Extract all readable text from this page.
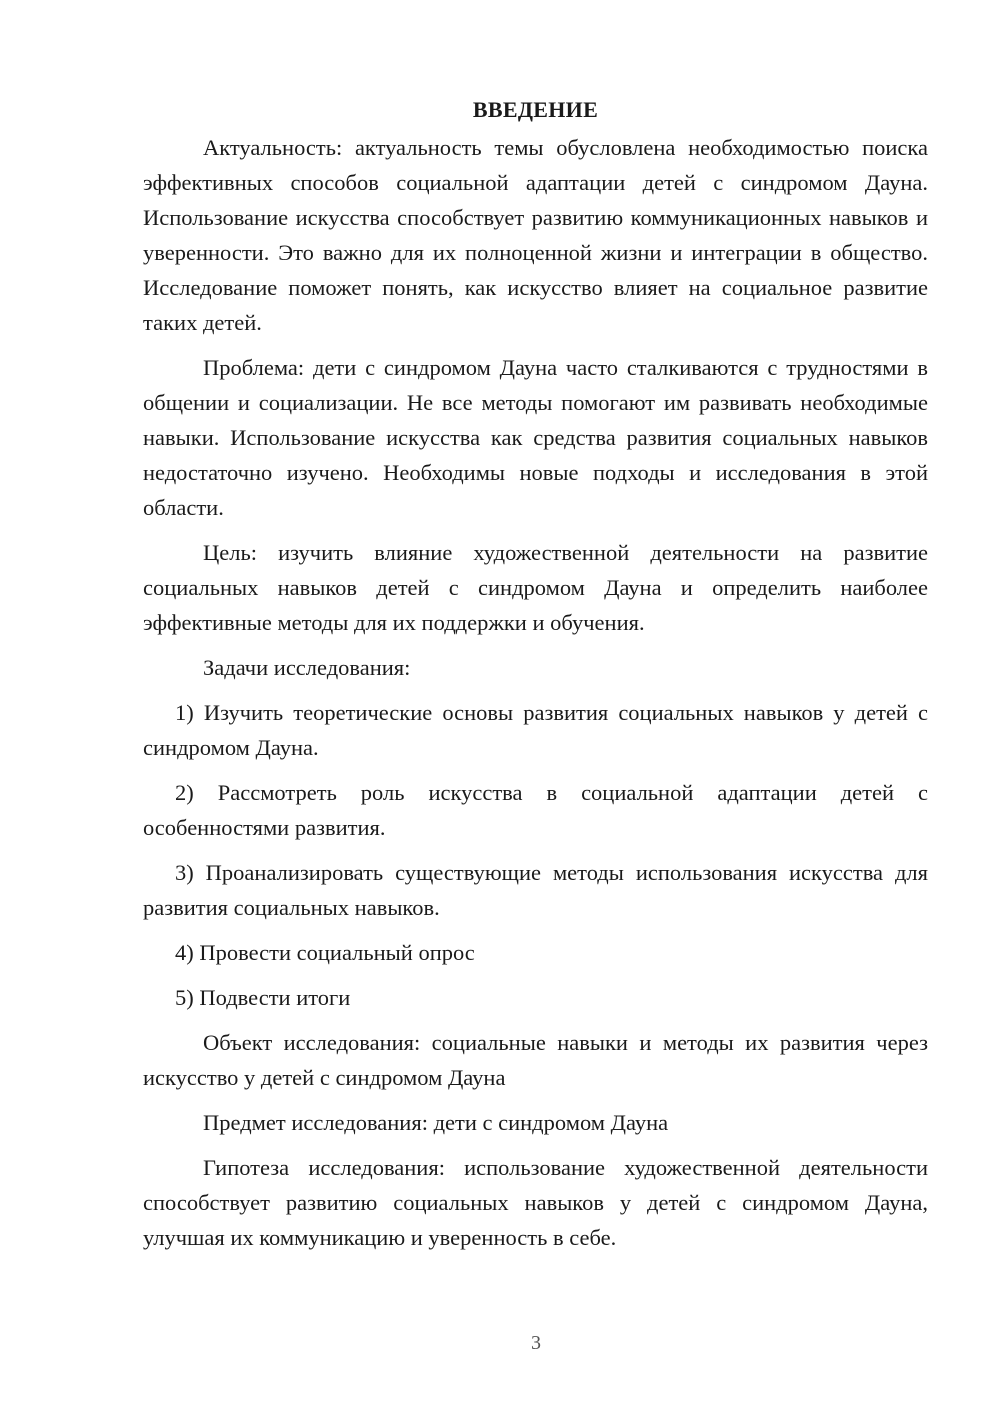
ВВЕДЕНИЕ

Актуальность: актуальность темы обусловлена необходимостью поиска эффективных способов социальной адаптации детей с синдромом Дауна. Использование искусства способствует развитию коммуникационных навыков и уверенности. Это важно для их полноценной жизни и интеграции в общество. Исследование поможет понять, как искусство влияет на социальное развитие таких детей.

Проблема: дети с синдромом Дауна часто сталкиваются с трудностями в общении и социализации. Не все методы помогают им развивать необходимые навыки. Использование искусства как средства развития социальных навыков недостаточно изучено. Необходимы новые подходы и исследования в этой области.

Цель: изучить влияние художественной деятельности на развитие социальных навыков детей с синдромом Дауна и определить наиболее эффективные методы для их поддержки и обучения.

Задачи исследования:

1) Изучить теоретические основы развития социальных навыков у детей с синдромом Дауна.

2) Рассмотреть роль искусства в социальной адаптации детей с особенностями развития.

3) Проанализировать существующие методы использования искусства для развития социальных навыков.

4) Провести социальный опрос

5) Подвести итоги

Объект исследования: социальные навыки и методы их развития через искусство у детей с синдромом Дауна

Предмет исследования: дети с синдромом Дауна

Гипотеза исследования: использование художественной деятельности способствует развитию социальных навыков у детей с синдромом Дауна, улучшая их коммуникацию и уверенность в себе.

3
